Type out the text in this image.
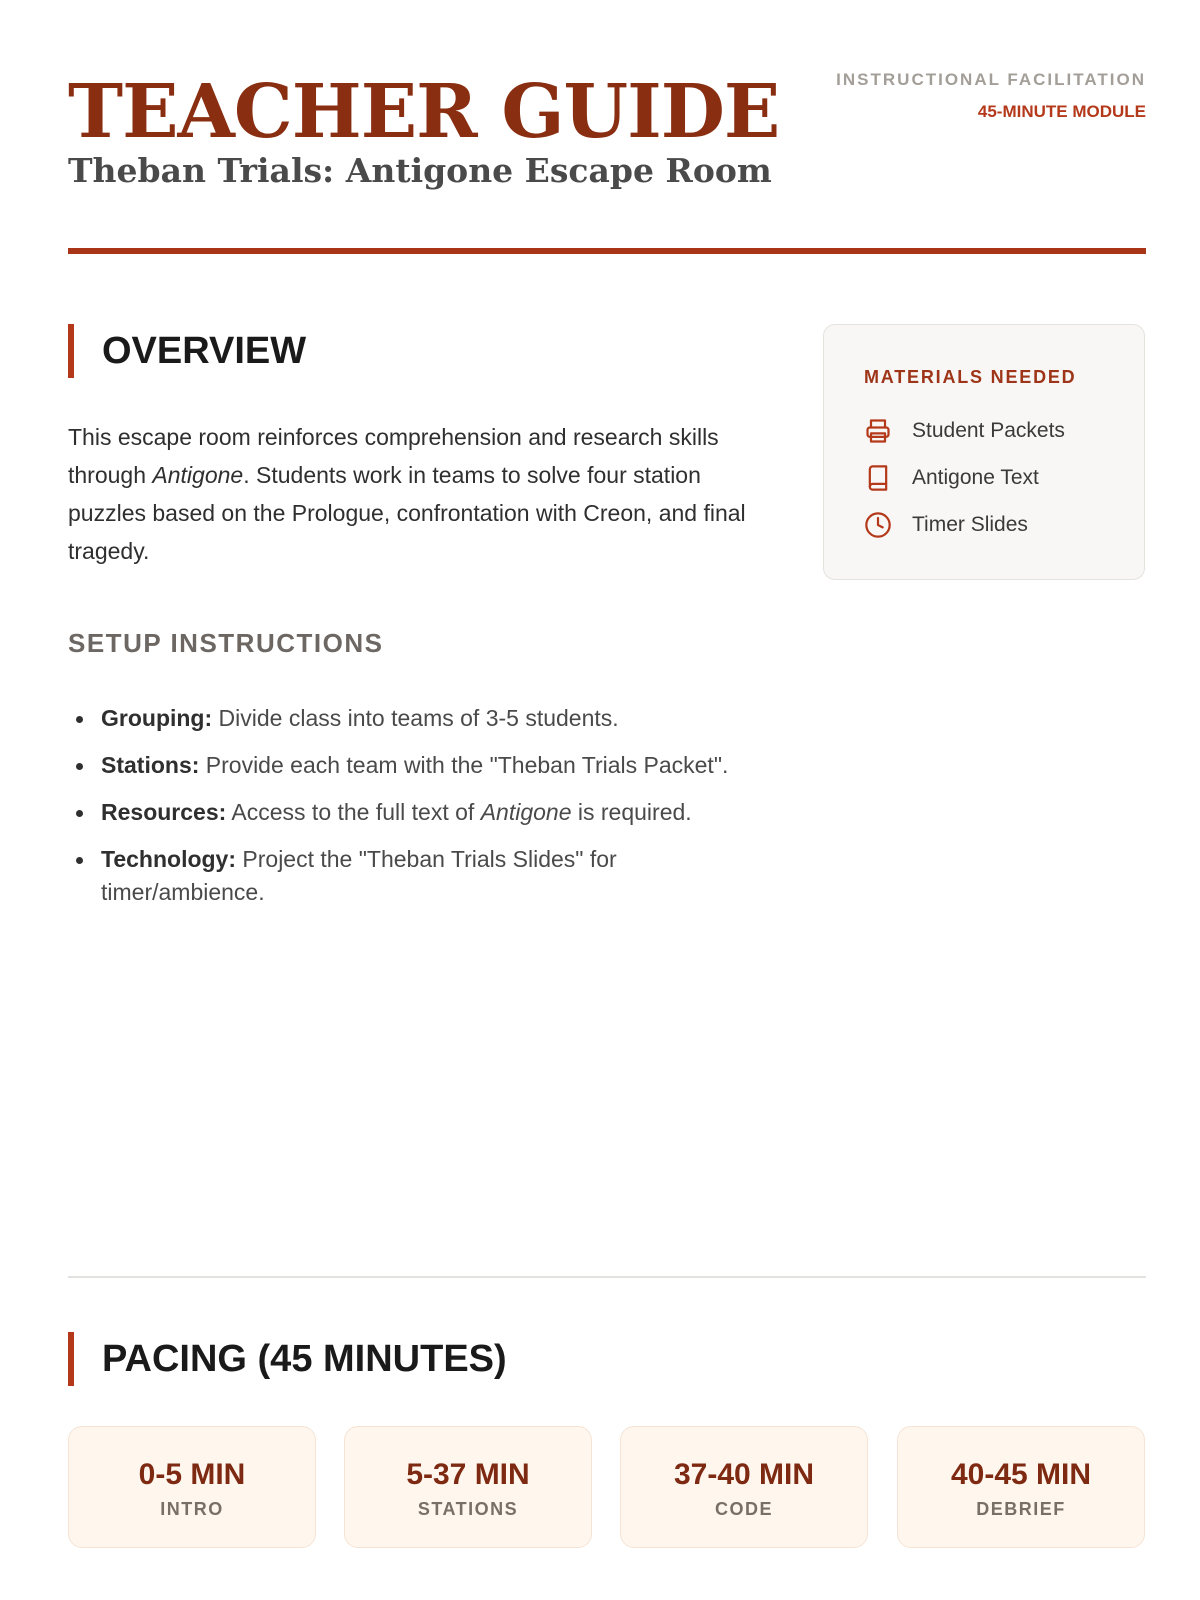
TEACHER GUIDE
Theban Trials: Antigone Escape Room
INSTRUCTIONAL FACILITATION
45-MINUTE MODULE
OVERVIEW

This escape room reinforces comprehension and research skills through Antigone. Students work in teams to solve four station puzzles based on the Prologue, confrontation with Creon, and final tragedy.

SETUP INSTRUCTIONS
Grouping: Divide class into teams of 3-5 students.
Stations: Provide each team with the "Theban Trials Packet".
Resources: Access to the full text of Antigone is required.
Technology: Project the "Theban Trials Slides" for timer/ambience.
MATERIALS NEEDED
Student Packets
Antigone Text
Timer Slides
PACING (45 MINUTES)
0-5 MIN
INTRO
5-37 MIN
STATIONS
37-40 MIN
CODE
40-45 MIN
DEBRIEF
